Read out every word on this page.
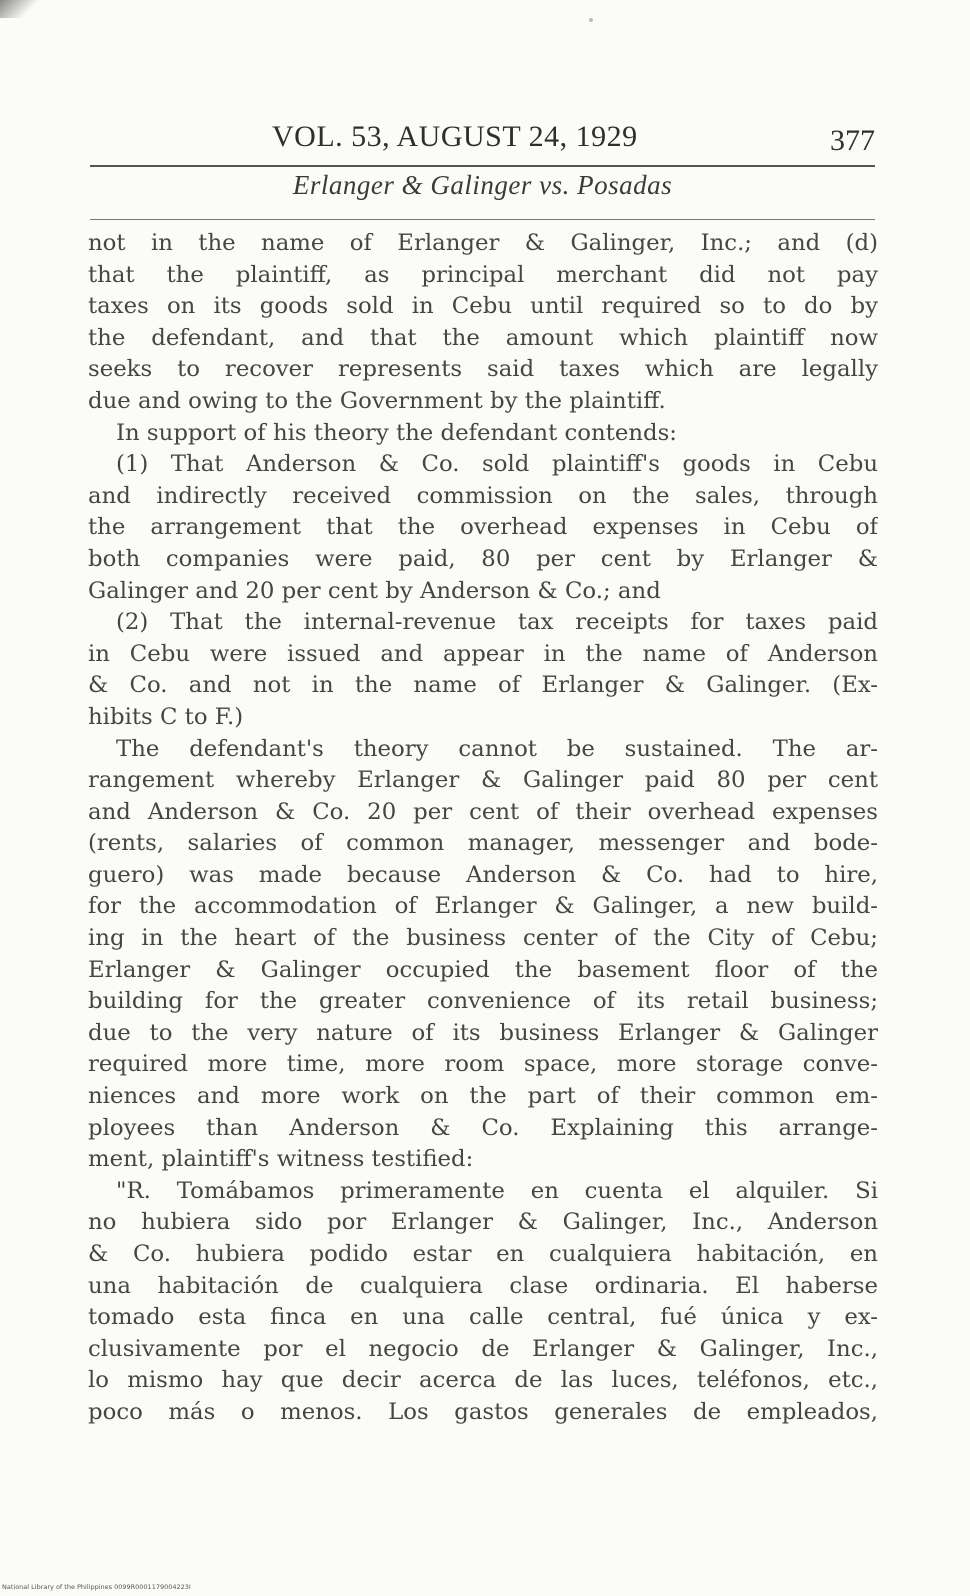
VOL. 53, AUGUST 24, 1929	377
Erlanger & Galinger vs. Posadas
not in the name of Erlanger & Galinger, Inc.; and (d)
that the plaintiff, as principal merchant did not pay
taxes on its goods sold in Cebu until required so to do by
the defendant, and that the amount which plaintiff now
seeks to recover represents said taxes which are legally
due and owing to the Government by the plaintiff.
In support of his theory the defendant contends:
(1) That Anderson & Co. sold plaintiff's goods in Cebu
and indirectly received commission on the sales, through
the arrangement that the overhead expenses in Cebu of
both companies were paid, 80 per cent by Erlanger &
Galinger and 20 per cent by Anderson & Co.; and
(2) That the internal-revenue tax receipts for taxes paid
in Cebu were issued and appear in the name of Anderson
& Co. and not in the name of Erlanger & Galinger. (Ex-
hibits C to F.)
The defendant's theory cannot be sustained. The ar-
rangement whereby Erlanger & Galinger paid 80 per cent
and Anderson & Co. 20 per cent of their overhead expenses
(rents, salaries of common manager, messenger and bode-
guero) was made because Anderson & Co. had to hire,
for the accommodation of Erlanger & Galinger, a new build-
ing in the heart of the business center of the City of Cebu;
Erlanger & Galinger occupied the basement floor of the
building for the greater convenience of its retail business;
due to the very nature of its business Erlanger & Galinger
required more time, more room space, more storage conve-
niences and more work on the part of their common em-
ployees than Anderson & Co. Explaining this arrange-
ment, plaintiff's witness testified:
"R. Tomábamos primeramente en cuenta el alquiler. Si
no hubiera sido por Erlanger & Galinger, Inc., Anderson
& Co. hubiera podido estar en cualquiera habitación, en
una habitación de cualquiera clase ordinaria. El haberse
tomado esta finca en una calle central, fué única y ex-
clusivamente por el negocio de Erlanger & Galinger, Inc.,
lo mismo hay que decir acerca de las luces, teléfonos, etc.,
poco más o menos. Los gastos generales de empleados,
National Library of the Philippines 0099R0001179004223I
